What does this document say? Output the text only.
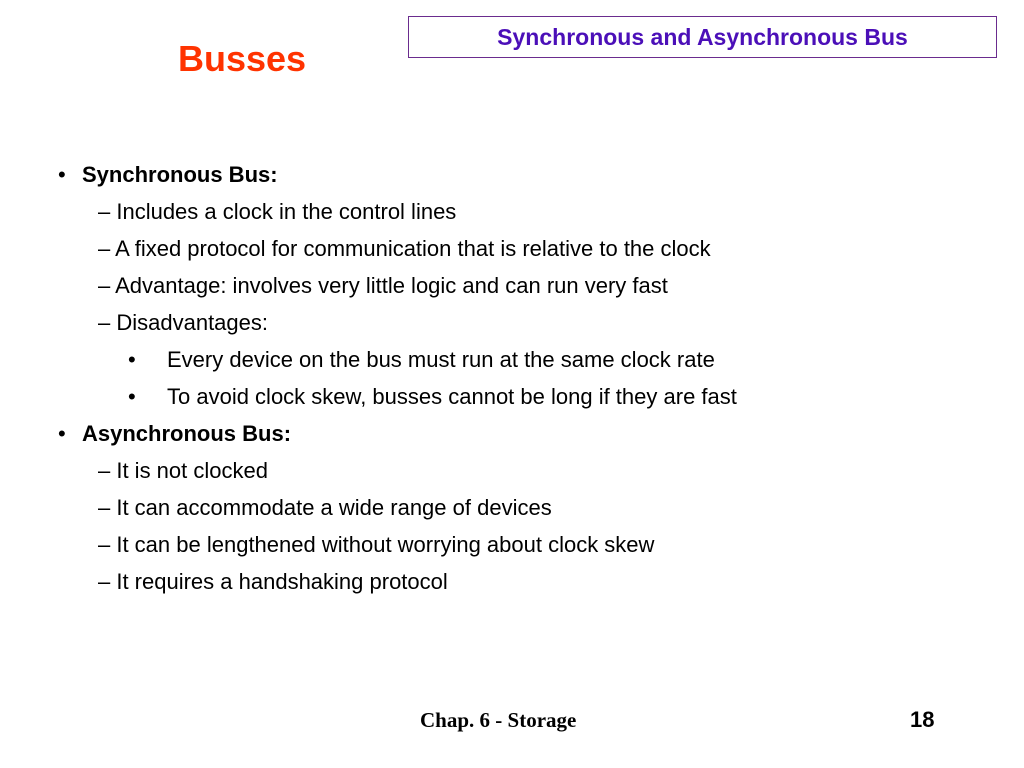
Busses
Synchronous and Asynchronous Bus
• Synchronous Bus:
– Includes a clock in the control lines
– A fixed protocol for communication that is relative to the clock
– Advantage: involves very little logic and can run very fast
– Disadvantages:
• Every device on the bus must run at the same clock rate
• To avoid clock skew, busses cannot be long if they are fast
• Asynchronous Bus:
– It is not clocked
– It can accommodate a wide range of devices
– It can be lengthened without worrying about clock skew
– It requires a handshaking protocol
Chap. 6 - Storage	18
